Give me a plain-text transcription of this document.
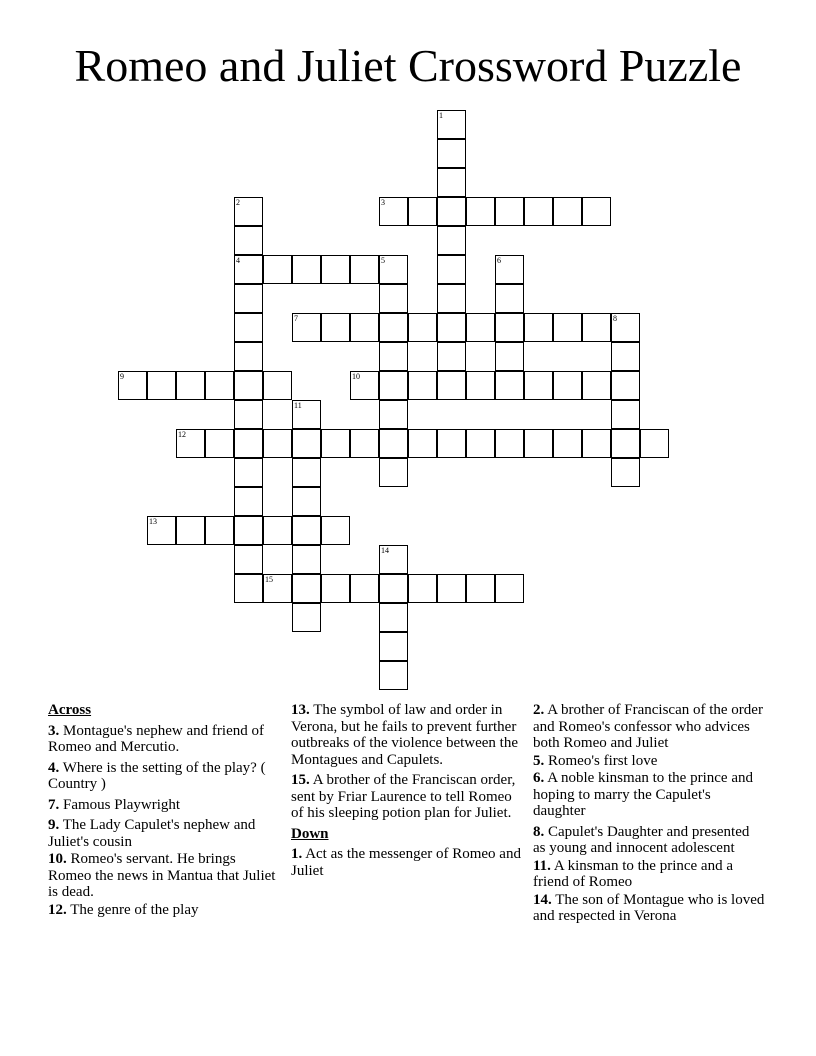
Romeo and Juliet Crossword Puzzle
1
2
4
3
5	6
7	8
9	10
11
12
13
14
15
Across
3. Montague's nephew and friend of Romeo and Mercutio.
4. Where is the setting of the play? ( Country )
7. Famous Playwright
9. The Lady Capulet's nephew and Juliet's cousin
10. Romeo's servant. He brings Romeo the news in Mantua that Juliet is dead.
12. The genre of the play
13. The symbol of law and order in Verona, but he fails to prevent further outbreaks of the violence between the Montagues and Capulets.
15. A brother of the Franciscan order, sent by Friar Laurence to tell Romeo of his sleeping potion plan for Juliet.
Down
1. Act as the messenger of Romeo and Juliet
2. A brother of Franciscan of the order and Romeo's confessor who advices both Romeo and Juliet
5. Romeo's first love
6. A noble kinsman to the prince and hoping to marry the Capulet's daughter
8. Capulet's Daughter and presented as young and innocent adolescent
11. A kinsman to the prince and a friend of Romeo
14. The son of Montague who is loved and respected in Verona
